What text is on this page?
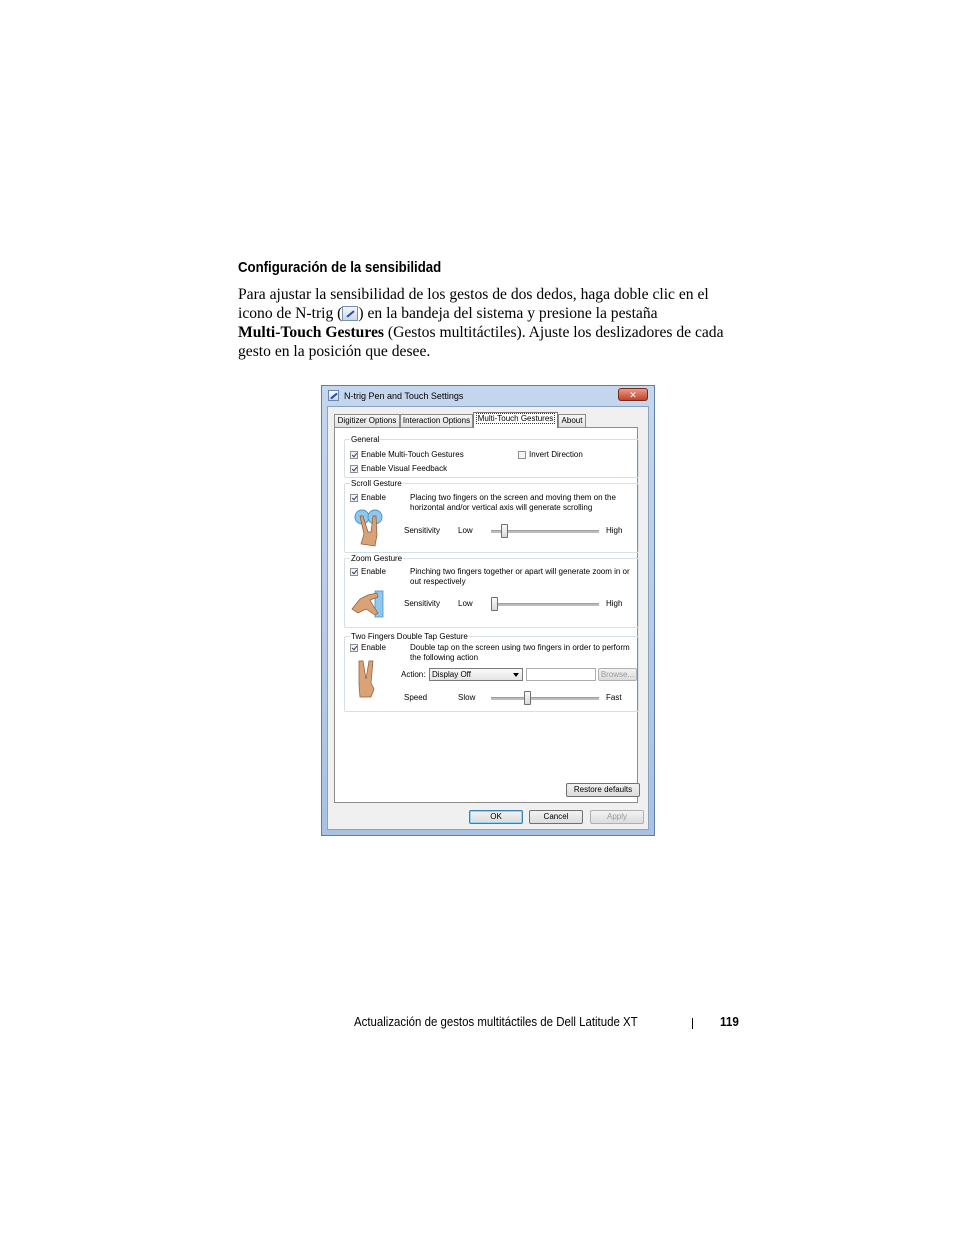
Configuración de la sensibilidad
Para ajustar la sensibilidad de los gestos de dos dedos, haga doble clic en el
icono de N-trig ( ) en la bandeja del sistema y presione la pestaña
Multi-Touch Gestures (Gestos multitáctiles). Ajuste los deslizadores de cada
gesto en la posición que desee.
N-trig Pen and Touch Settings	✕
Digitizer Options Interaction Options Multi-Touch Gestures	About
General
Enable Multi-Touch Gestures	Invert Direction
Enable Visual Feedback
Scroll Gesture
Enable	Placing two fingers on the screen and moving them on the horizontal and/or vertical axis will generate scrolling
Sensitivity Low	High
Zoom Gesture
Enable	Pinching two fingers together or apart will generate zoom in or out respectively
Sensitivity Low	High
Two Fingers Double Tap Gesture
Enable	Double tap on the screen using two fingers in order to perform the following action
Action: Display Off	Browse...
Speed	Slow	Fast
Restore defaults
OK	Cancel	Apply
Actualización de gestos multitáctiles de Dell Latitude XT	119
